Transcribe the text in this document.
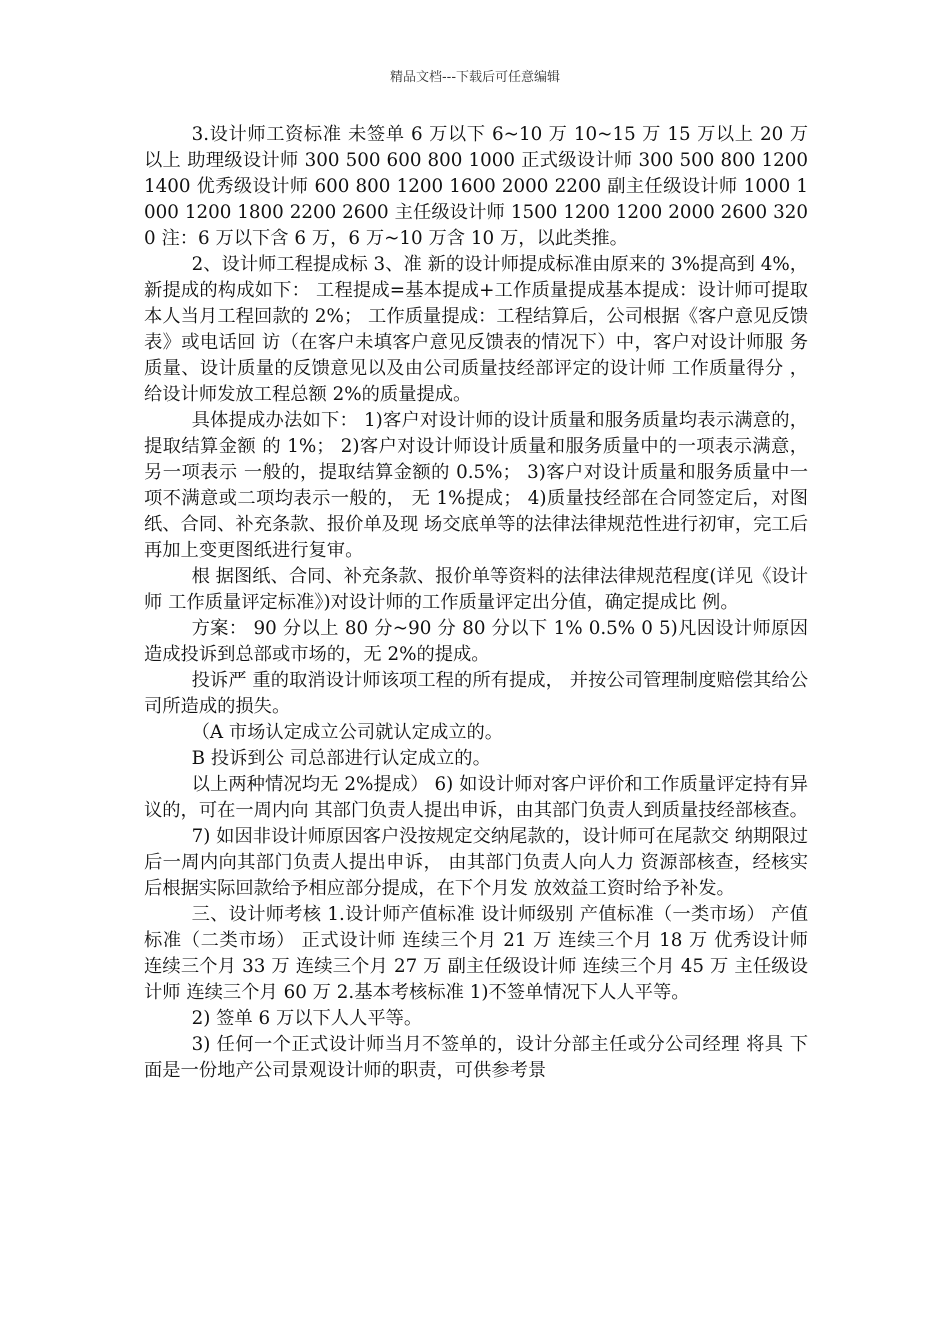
精品文档---下载后可任意编辑

3.设计师工资标准 未签单 6 万以下 6~10 万 10~15 万 15 万以上 20 万以上 助理级设计师 300 500 600 800 1000 正式级设计师 300 500 800 1200 1400 优秀级设计师 600 800 1200 1600 2000 2200 副主任级设计师 1000 1000 1200 1800 2200 2600 主任级设计师 1500 1200 1200 2000 2600 3200 注：6 万以下含 6 万，6 万~10 万含 10 万，以此类推。

2、设计师工程提成标 3、准 新的设计师提成标准由原来的 3%提高到 4%，新提成的构成如下： 工程提成=基本提成+工作质量提成基本提成：设计师可提取本人当月工程回款的 2%； 工作质量提成：工程结算后，公司根据《客户意见反馈表》或电话回 访（在客户未填客户意见反馈表的情况下）中，客户对设计师服 务质量、设计质量的反馈意见以及由公司质量技经部评定的设计师 工作质量得分 ，给设计师发放工程总额 2%的质量提成。

具体提成办法如下： 1)客户对设计师的设计质量和服务质量均表示满意的， 提取结算金额 的 1%； 2)客户对设计师设计质量和服务质量中的一项表示满意， 另一项表示 一般的，提取结算金额的 0.5%； 3)客户对设计质量和服务质量中一项不满意或二项均表示一般的， 无 1%提成； 4)质量技经部在合同签定后，对图纸、合同、补充条款、报价单及现 场交底单等的法律法律规范性进行初审，完工后再加上变更图纸进行复审。

根 据图纸、合同、补充条款、报价单等资料的法律法律规范程度(详见《设计师 工作质量评定标准》)对设计师的工作质量评定出分值，确定提成比 例。

方案： 90 分以上 80 分~90 分 80 分以下 1% 0.5% 0 5)凡因设计师原因造成投诉到总部或市场的，无 2%的提成。

投诉严 重的取消设计师该项工程的所有提成， 并按公司管理制度赔偿其给公司所造成的损失。

（A 市场认定成立公司就认定成立的。

B 投诉到公 司总部进行认定成立的。

以上两种情况均无 2%提成） 6) 如设计师对客户评价和工作质量评定持有异议的，可在一周内向 其部门负责人提出申诉，由其部门负责人到质量技经部核查。

7) 如因非设计师原因客户没按规定交纳尾款的，设计师可在尾款交 纳期限过后一周内向其部门负责人提出申诉， 由其部门负责人向人力 资源部核查，经核实后根据实际回款给予相应部分提成，在下个月发 放效益工资时给予补发。

三、设计师考核 1.设计师产值标准 设计师级别 产值标准（一类市场） 产值标准（二类市场） 正式设计师 连续三个月 21 万 连续三个月 18 万 优秀设计师 连续三个月 33 万 连续三个月 27 万 副主任级设计师 连续三个月 45 万 主任级设计师 连续三个月 60 万 2.基本考核标准 1)不签单情况下人人平等。

2) 签单 6 万以下人人平等。

3) 任何一个正式设计师当月不签单的，设计分部主任或分公司经理 将具 下面是一份地产公司景观设计师的职责，可供参考景
